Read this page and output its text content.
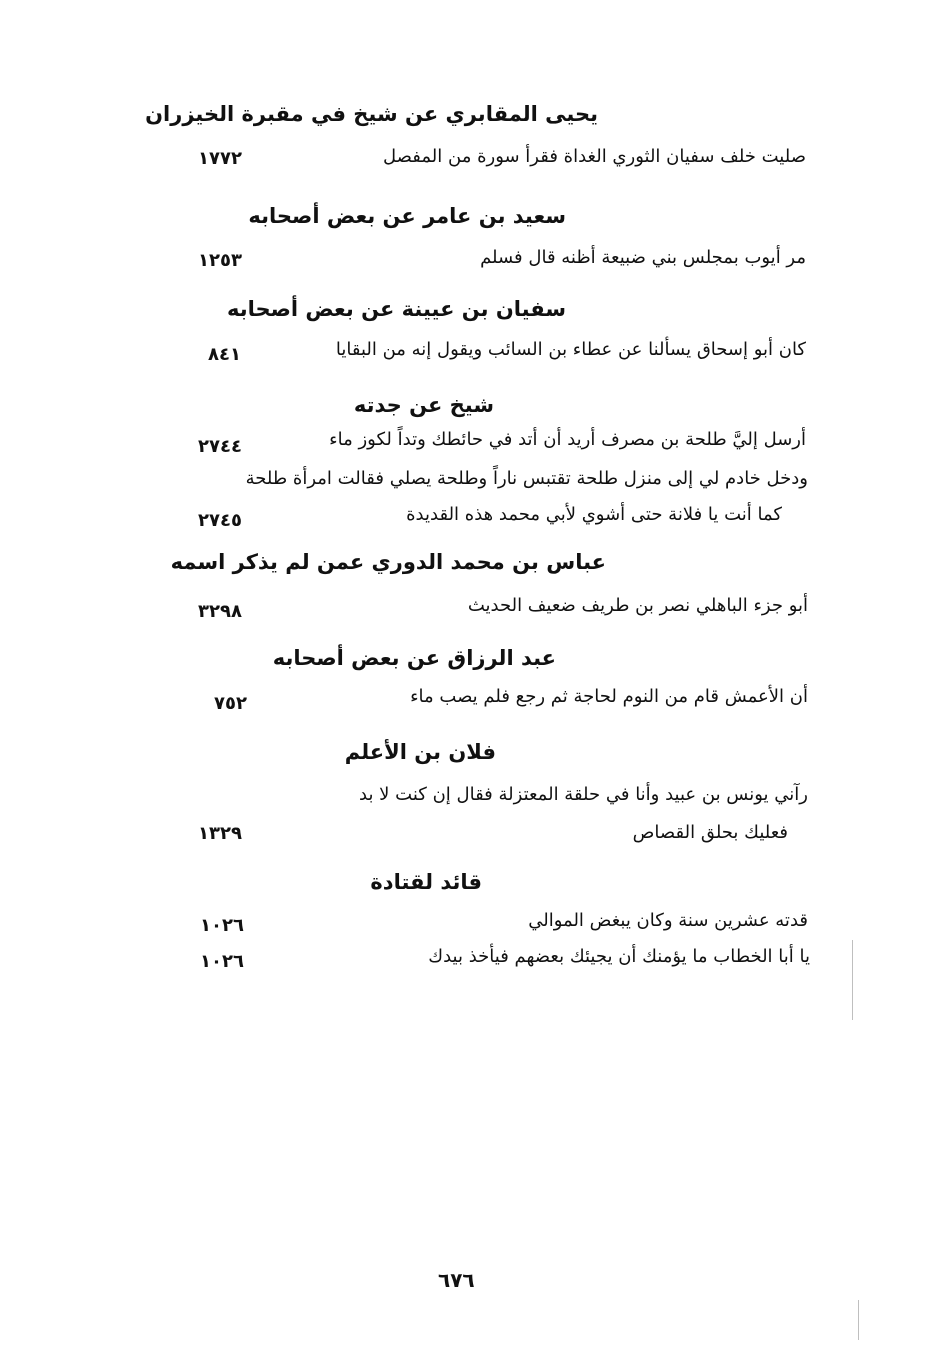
يحيى المقابري عن شيخ في مقبرة الخيزران
صليت خلف سفيان الثوري الغداة فقرأ سورة من المفصل
١٧٧٢
سعيد بن عامر عن بعض أصحابه
مر أيوب بمجلس بني ضبيعة أظنه قال فسلم
١٢٥٣
سفيان بن عيينة عن بعض أصحابه
كان أبو إسحاق يسألنا عن عطاء بن السائب ويقول إنه من البقايا
٨٤١
شيخ عن جدته
أرسل إليَّ طلحة بن مصرف أريد أن أتد في حائطك وتداً لكوز ماء
٢٧٤٤
ودخل خادم لي إلى منزل طلحة تقتبس ناراً وطلحة يصلي فقالت امرأة طلحة
كما أنت يا فلانة حتى أشوي لأبي محمد هذه القديدة
٢٧٤٥
عباس بن محمد الدوري عمن لم يذكر اسمه
أبو جزء الباهلي نصر بن طريف ضعيف الحديث
٣٢٩٨
عبد الرزاق عن بعض أصحابه
أن الأعمش قام من النوم لحاجة ثم رجع فلم يصب ماء
٧٥٢
فلان بن الأعلم
رآني يونس بن عبيد وأنا في حلقة المعتزلة فقال إن كنت لا بد
فعليك بحلق القصاص
١٣٢٩
قائد لقتادة
قدته عشرين سنة وكان يبغض الموالي
١٠٢٦
يا أبا الخطاب ما يؤمنك أن يجيئك بعضهم فيأخذ بيدك
١٠٢٦
٦٧٦
